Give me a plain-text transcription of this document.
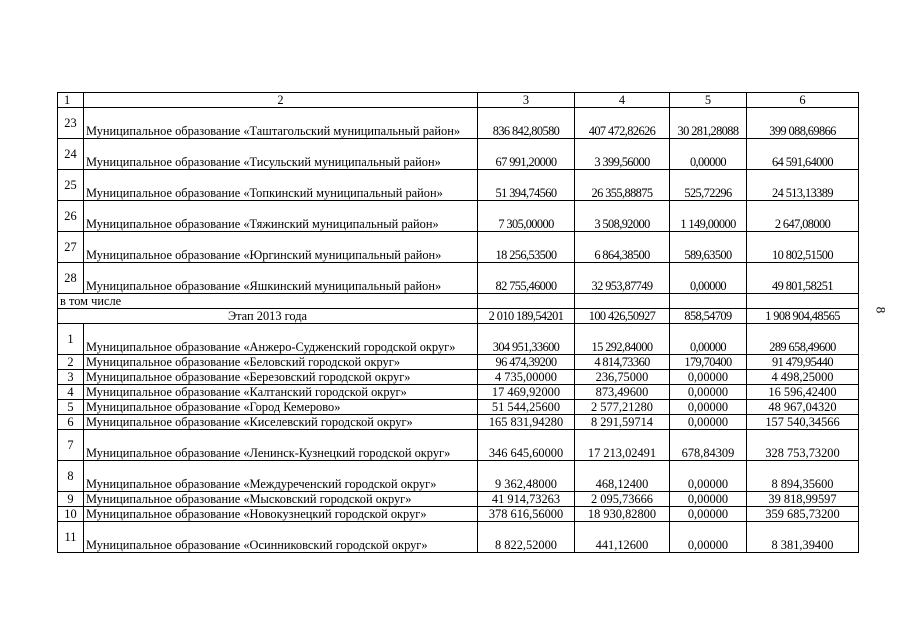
8
1	2	3	4	5	6
23	Муниципальное образование «Таштагольский муниципальный район»	836 842,80580	407 472,82626	30 281,28088	399 088,69866
24	Муниципальное образование «Тисульский муниципальный район»	67 991,20000	3 399,56000	0,00000	64 591,64000
25	Муниципальное образование «Топкинский муниципальный район»	51 394,74560	26 355,88875	525,72296	24 513,13389
26	Муниципальное образование «Тяжинский муниципальный район»	7 305,00000	3 508,92000	1 149,00000	2 647,08000
27	Муниципальное образование «Юргинский муниципальный район»	18 256,53500	6 864,38500	589,63500	10 802,51500
28	Муниципальное образование «Яшкинский муниципальный район»	82 755,46000	32 953,87749	0,00000	49 801,58251
в том числе					
Этап 2013 года		2 010 189,54201	100 426,50927	858,54709	1 908 904,48565
1	Муниципальное образование «Анжеро-Судженский городской округ»	304 951,33600	15 292,84000	0,00000	289 658,49600
2	Муниципальное образование «Беловский городской округ»	96 474,39200	4 814,73360	179,70400	91 479,95440
3	Муниципальное образование «Березовский городской округ»	4 735,00000	236,75000	0,00000	4 498,25000
4	Муниципальное образование «Калтанский городской округ»	17 469,92000	873,49600	0,00000	16 596,42400
5	Муниципальное образование «Город Кемерово»	51 544,25600	2 577,21280	0,00000	48 967,04320
6	Муниципальное образование «Киселевский городской округ»	165 831,94280	8 291,59714	0,00000	157 540,34566
7	Муниципальное образование «Ленинск-Кузнецкий городской округ»	346 645,60000	17 213,02491	678,84309	328 753,73200
8	Муниципальное образование «Междуреченский городской округ»	9 362,48000	468,12400	0,00000	8 894,35600
9	Муниципальное образование «Мысковский городской округ»	41 914,73263	2 095,73666	0,00000	39 818,99597
10	Муниципальное образование «Новокузнецкий городской округ»	378 616,56000	18 930,82800	0,00000	359 685,73200
11	Муниципальное образование «Осинниковский городской округ»	8 822,52000	441,12600	0,00000	8 381,39400
